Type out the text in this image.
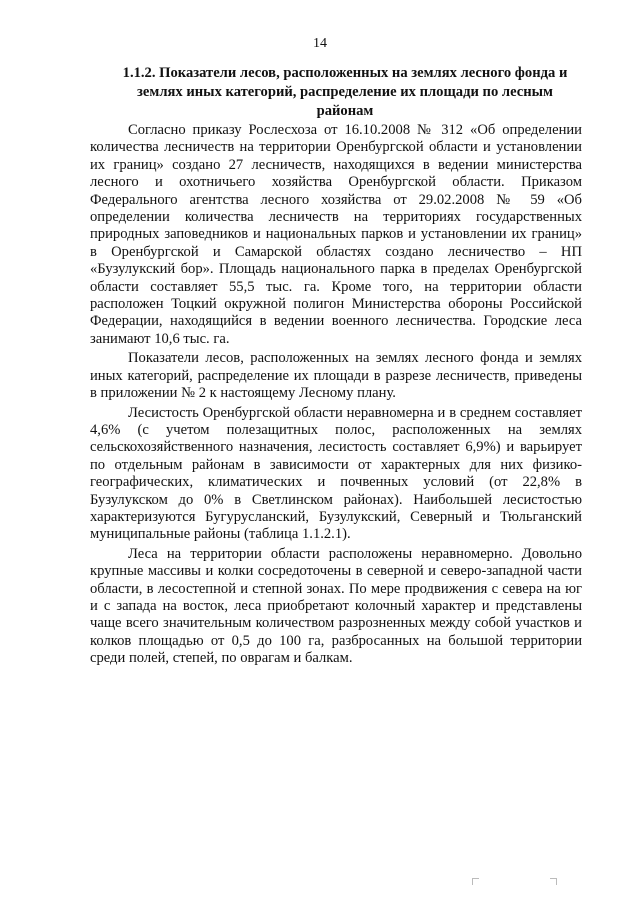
14
1.1.2. Показатели лесов, расположенных на землях лесного фонда и
землях иных категорий, распределение их площади по лесным районам

Согласно приказу Рослесхоза от 16.10.2008 № 312 «Об определении количества лесничеств на территории Оренбургской области и установлении их границ» создано 27 лесничеств, находящихся в ведении министерства лесного и охотничьего хозяйства Оренбургской области. Приказом Федерального агентства лесного хозяйства от 29.02.2008 № 59 «Об определении количества лесничеств на территориях государственных природных заповедников и национальных парков и установлении их границ» в Оренбургской и Самарской областях создано лесничество – НП «Бузулукский бор». Площадь национального парка в пределах Оренбургской области составляет 55,5 тыс. га. Кроме того, на территории области расположен Тоцкий окружной полигон Министерства обороны Российской Федерации, находящийся в ведении военного лесничества. Городские леса занимают 10,6 тыс. га.

Показатели лесов, расположенных на землях лесного фонда и землях иных категорий, распределение их площади в разрезе лесничеств, приведены в приложении № 2 к настоящему Лесному плану.

Лесистость Оренбургской области неравномерна и в среднем составляет 4,6% (с учетом полезащитных полос, расположенных на землях сельскохозяйственного назначения, лесистость составляет 6,9%) и варьирует по отдельным районам в зависимости от характерных для них физико-географических, климатических и почвенных условий (от 22,8% в Бузулукском до 0% в Светлинском районах). Наибольшей лесистостью характеризуются Бугурусланский, Бузулукский, Северный и Тюльганский муниципальные районы (таблица 1.1.2.1).

Леса на территории области расположены неравномерно. Довольно крупные массивы и колки сосредоточены в северной и северо-западной части области, в лесостепной и степной зонах. По мере продвижения с севера на юг и с запада на восток, леса приобретают колочный характер и представлены чаще всего значительным количеством разрозненных между собой участков и колков площадью от 0,5 до 100 га, разбросанных на большой территории среди полей, степей, по оврагам и балкам.
